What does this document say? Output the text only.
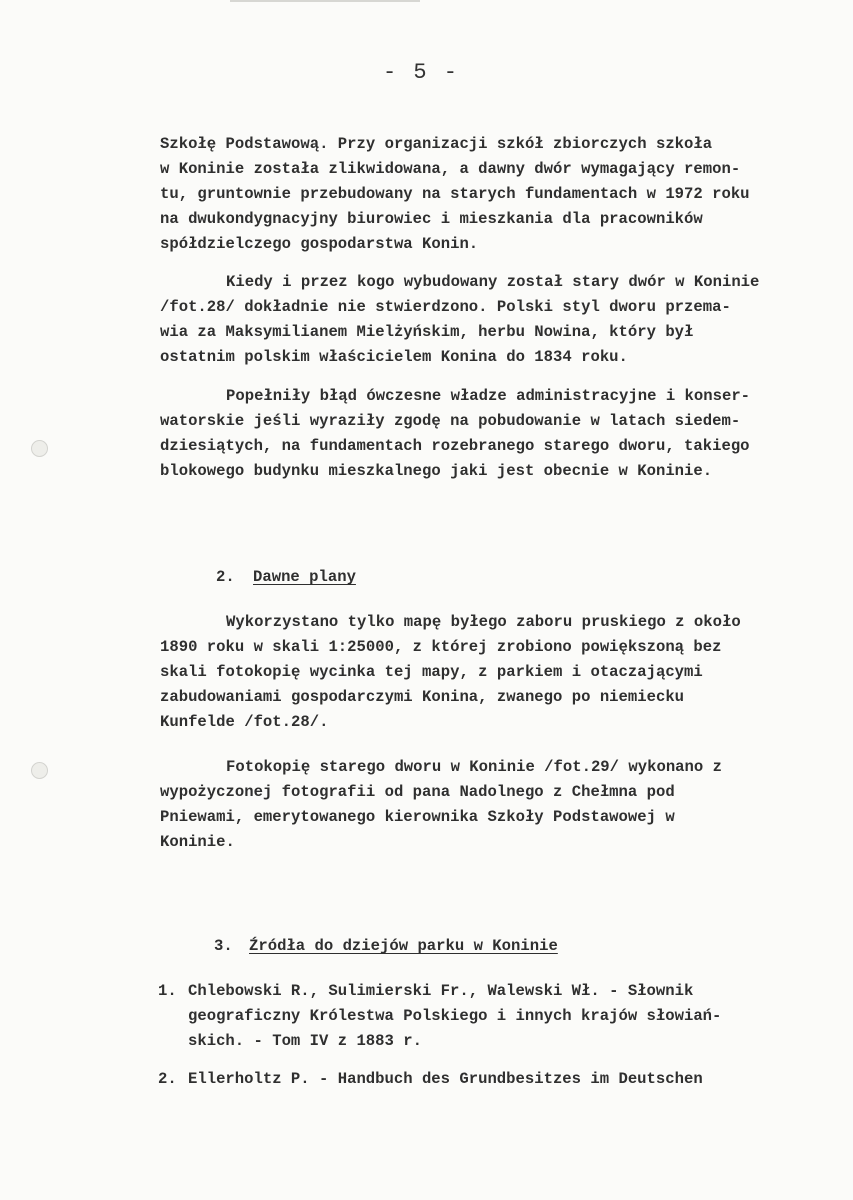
- 5 -
Szkołę Podstawową. Przy organizacji szkół zbiorczych szkoła
w Koninie została zlikwidowana, a dawny dwór wymagający remon-
tu, gruntownie przebudowany na starych fundamentach w 1972 roku
na dwukondygnacyjny biurowiec i mieszkania dla pracowników
spółdzielczego gospodarstwa Konin.
Kiedy i przez kogo wybudowany został stary dwór w Koninie
/fot.28/ dokładnie nie stwierdzono. Polski styl dworu przema-
wia za Maksymilianem Mielżyńskim, herbu Nowina, który był
ostatnim polskim właścicielem Konina do 1834 roku.
Popełniły błąd ówczesne władze administracyjne i konser-
watorskie jeśli wyraziły zgodę na pobudowanie w latach siedem-
dziesiątych, na fundamentach rozebranego starego dworu, takiego
blokowego budynku mieszkalnego jaki jest obecnie w Koninie.
2. Dawne plany
Wykorzystano tylko mapę byłego zaboru pruskiego z około
1890 roku w skali 1:25000, z której zrobiono powiększoną bez
skali fotokopię wycinka tej mapy, z parkiem i otaczającymi
zabudowaniami gospodarczymi Konina, zwanego po niemiecku
Kunfelde /fot.28/.
Fotokopię starego dworu w Koninie /fot.29/ wykonano z
wypożyczonej fotografii od pana Nadolnego z Chełmna pod
Pniewami, emerytowanego kierownika Szkoły Podstawowej w
Koninie.
3. Źródła do dziejów parku w Koninie
1. Chlebowski R., Sulimierski Fr., Walewski Wł. - Słownik
geograficzny Królestwa Polskiego i innych krajów słowiań-
skich. - Tom IV z 1883 r.
2. Ellerholtz P. - Handbuch des Grundbesitzes im Deutschen
